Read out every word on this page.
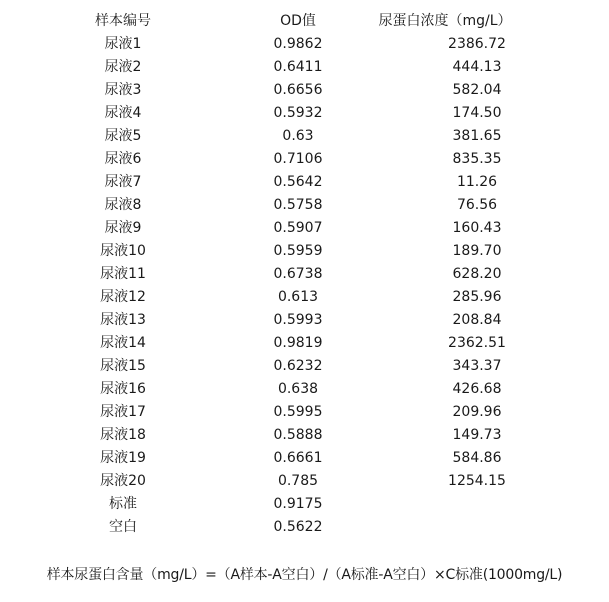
样本编号	OD值	尿蛋白浓度（mg/L）
尿液1	0.9862	2386.72
尿液2	0.6411	444.13
尿液3	0.6656	582.04
尿液4	0.5932	174.50
尿液5	0.63	381.65
尿液6	0.7106	835.35
尿液7	0.5642	11.26
尿液8	0.5758	76.56
尿液9	0.5907	160.43
尿液10	0.5959	189.70
尿液11	0.6738	628.20
尿液12	0.613	285.96
尿液13	0.5993	208.84
尿液14	0.9819	2362.51
尿液15	0.6232	343.37
尿液16	0.638	426.68
尿液17	0.5995	209.96
尿液18	0.5888	149.73
尿液19	0.6661	584.86
尿液20	0.785	1254.15
标准	0.9175
空白	0.5622
样本尿蛋白含量（mg/L）=（A样本-A空白）/（A标准-A空白）×C标准(1000mg/L)
